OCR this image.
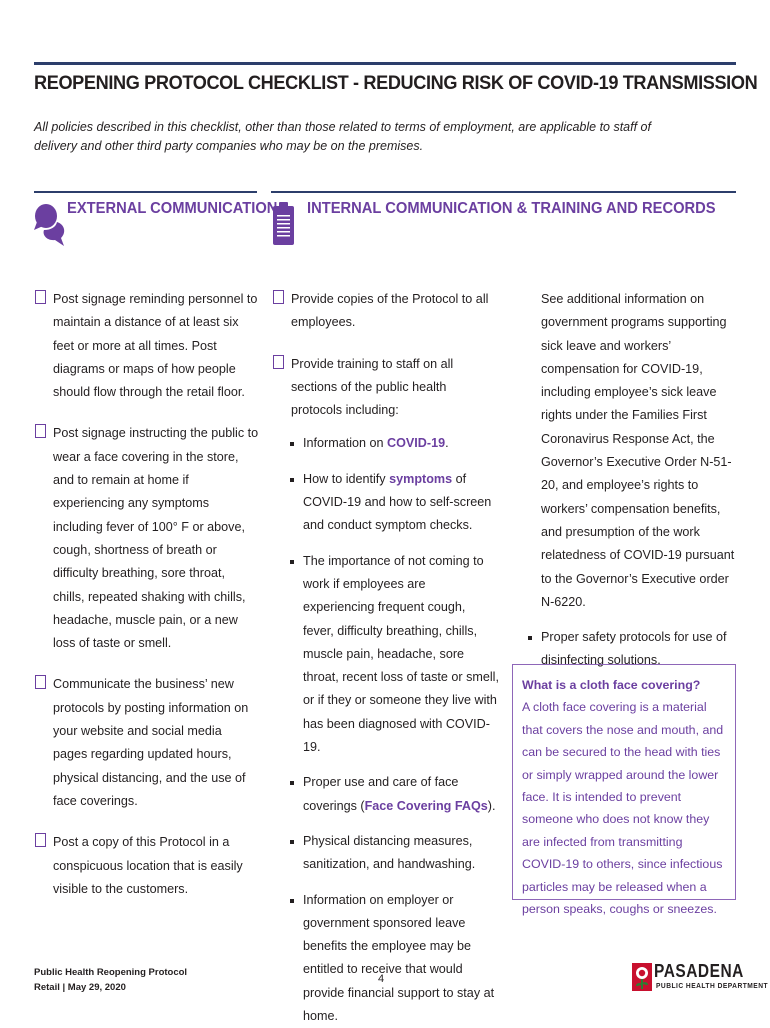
REOPENING PROTOCOL CHECKLIST - REDUCING RISK OF COVID-19 TRANSMISSION
All policies described in this checklist, other than those related to terms of employment, are applicable to staff of delivery and other third party companies who may be on the premises.
EXTERNAL COMMUNICATION INTERNAL COMMUNICATION & TRAINING AND RECORDS
Post signage reminding personnel to maintain a distance of at least six feet or more at all times. Post diagrams or maps of how people should flow through the retail floor.
Post signage instructing the public to wear a face covering in the store, and to remain at home if experiencing any symptoms including fever of 100° F or above, cough, shortness of breath or difficulty breathing, sore throat, chills, repeated shaking with chills, headache, muscle pain, or a new loss of taste or smell.
Communicate the business’ new protocols by posting information on your website and social media pages regarding updated hours, physical distancing, and the use of face coverings.
Post a copy of this Protocol in a conspicuous location that is easily visible to the customers.
Provide copies of the Protocol to all employees.
Provide training to staff on all sections of the public health protocols including:
Information on COVID-19.
How to identify symptoms of COVID-19 and how to self-screen and conduct symptom checks.
The importance of not coming to work if employees are experiencing frequent cough, fever, difficulty breathing, chills, muscle pain, headache, sore throat, recent loss of taste or smell, or if they or someone they live with has been diagnosed with COVID-19.
Proper use and care of face coverings (Face Covering FAQs).
Physical distancing measures, sanitization, and handwashing.
Information on employer or government sponsored leave benefits the employee may be entitled to receive that would provide financial support to stay at home.
See additional information on government programs supporting sick leave and workers’ compensation for COVID-19, including employee’s sick leave rights under the Families First Coronavirus Response Act, the Governor’s Executive Order N-51-20, and employee’s rights to workers’ compensation benefits, and presumption of the work relatedness of COVID-19 pursuant to the Governor’s Executive order N-6220.
Proper safety protocols for use of disinfecting solutions.
What is a cloth face covering?
A cloth face covering is a material that covers the nose and mouth, and can be secured to the head with ties or simply wrapped around the lower face. It is intended to prevent someone who does not know they are infected from transmitting COVID-19 to others, since infectious particles may be released when a person speaks, coughs or sneezes.
Public Health Reopening Protocol
Retail | May 29, 2020
4	PASADENA
PUBLIC HEALTH DEPARTMENT
